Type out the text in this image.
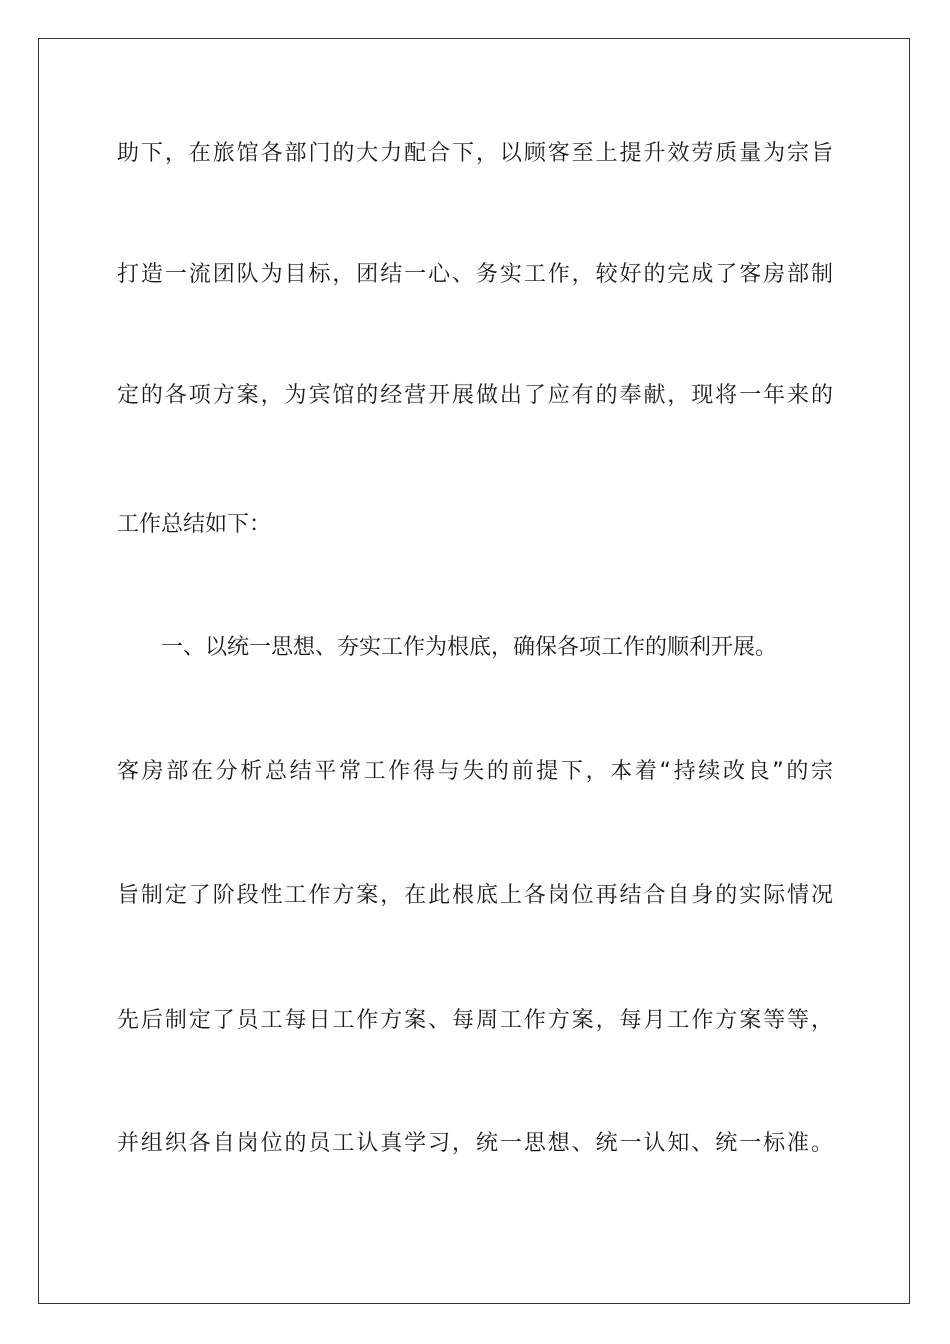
助下，在旅馆各部门的大力配合下，以顾客至上提升效劳质量为宗旨
打造一流团队为目标，团结一心、务实工作，较好的完成了客房部制
定的各项方案，为宾馆的经营开展做出了应有的奉献，现将一年来的
工作总结如下：
一、以统一思想、夯实工作为根底，确保各项工作的顺利开展。
客房部在分析总结平常工作得与失的前提下，本着“持续改良”的宗
旨制定了阶段性工作方案，在此根底上各岗位再结合自身的实际情况
先后制定了员工每日工作方案、每周工作方案，每月工作方案等等，
并组织各自岗位的员工认真学习，统一思想、统一认知、统一标准。
